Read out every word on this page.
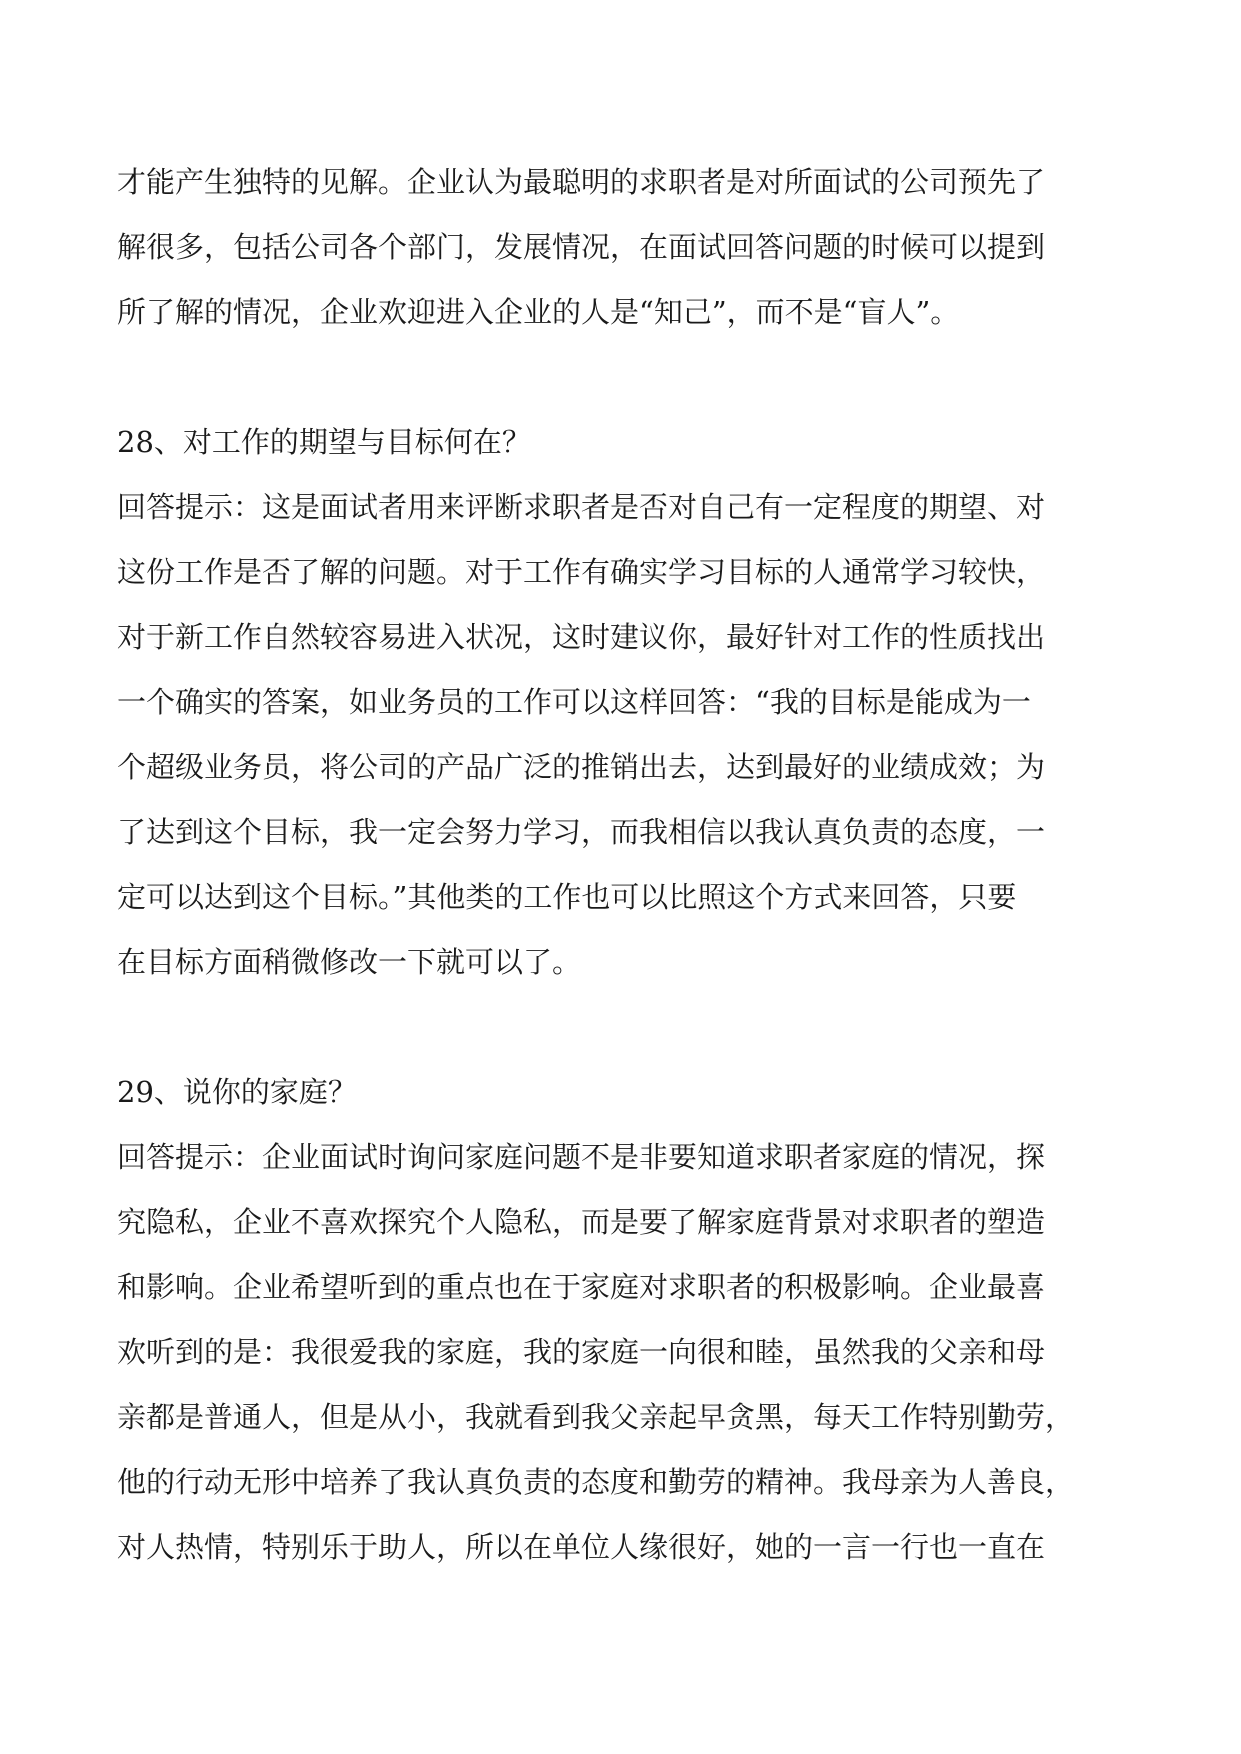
才能产生独特的见解。企业认为最聪明的求职者是对所面试的公司预先了

解很多，包括公司各个部门，发展情况，在面试回答问题的时候可以提到

所了解的情况，企业欢迎进入企业的人是“知己”，而不是“盲人”。

28、对工作的期望与目标何在？

回答提示：这是面试者用来评断求职者是否对自己有一定程度的期望、对

这份工作是否了解的问题。对于工作有确实学习目标的人通常学习较快，

对于新工作自然较容易进入状况，这时建议你，最好针对工作的性质找出

一个确实的答案，如业务员的工作可以这样回答：“我的目标是能成为一

个超级业务员，将公司的产品广泛的推销出去，达到最好的业绩成效；为

了达到这个目标，我一定会努力学习，而我相信以我认真负责的态度，一

定可以达到这个目标。”其他类的工作也可以比照这个方式来回答，只要

在目标方面稍微修改一下就可以了。

29、说你的家庭？

回答提示：企业面试时询问家庭问题不是非要知道求职者家庭的情况，探

究隐私，企业不喜欢探究个人隐私，而是要了解家庭背景对求职者的塑造

和影响。企业希望听到的重点也在于家庭对求职者的积极影响。企业最喜

欢听到的是：我很爱我的家庭，我的家庭一向很和睦，虽然我的父亲和母

亲都是普通人，但是从小，我就看到我父亲起早贪黑，每天工作特别勤劳，

他的行动无形中培养了我认真负责的态度和勤劳的精神。我母亲为人善良，

对人热情，特别乐于助人，所以在单位人缘很好，她的一言一行也一直在
